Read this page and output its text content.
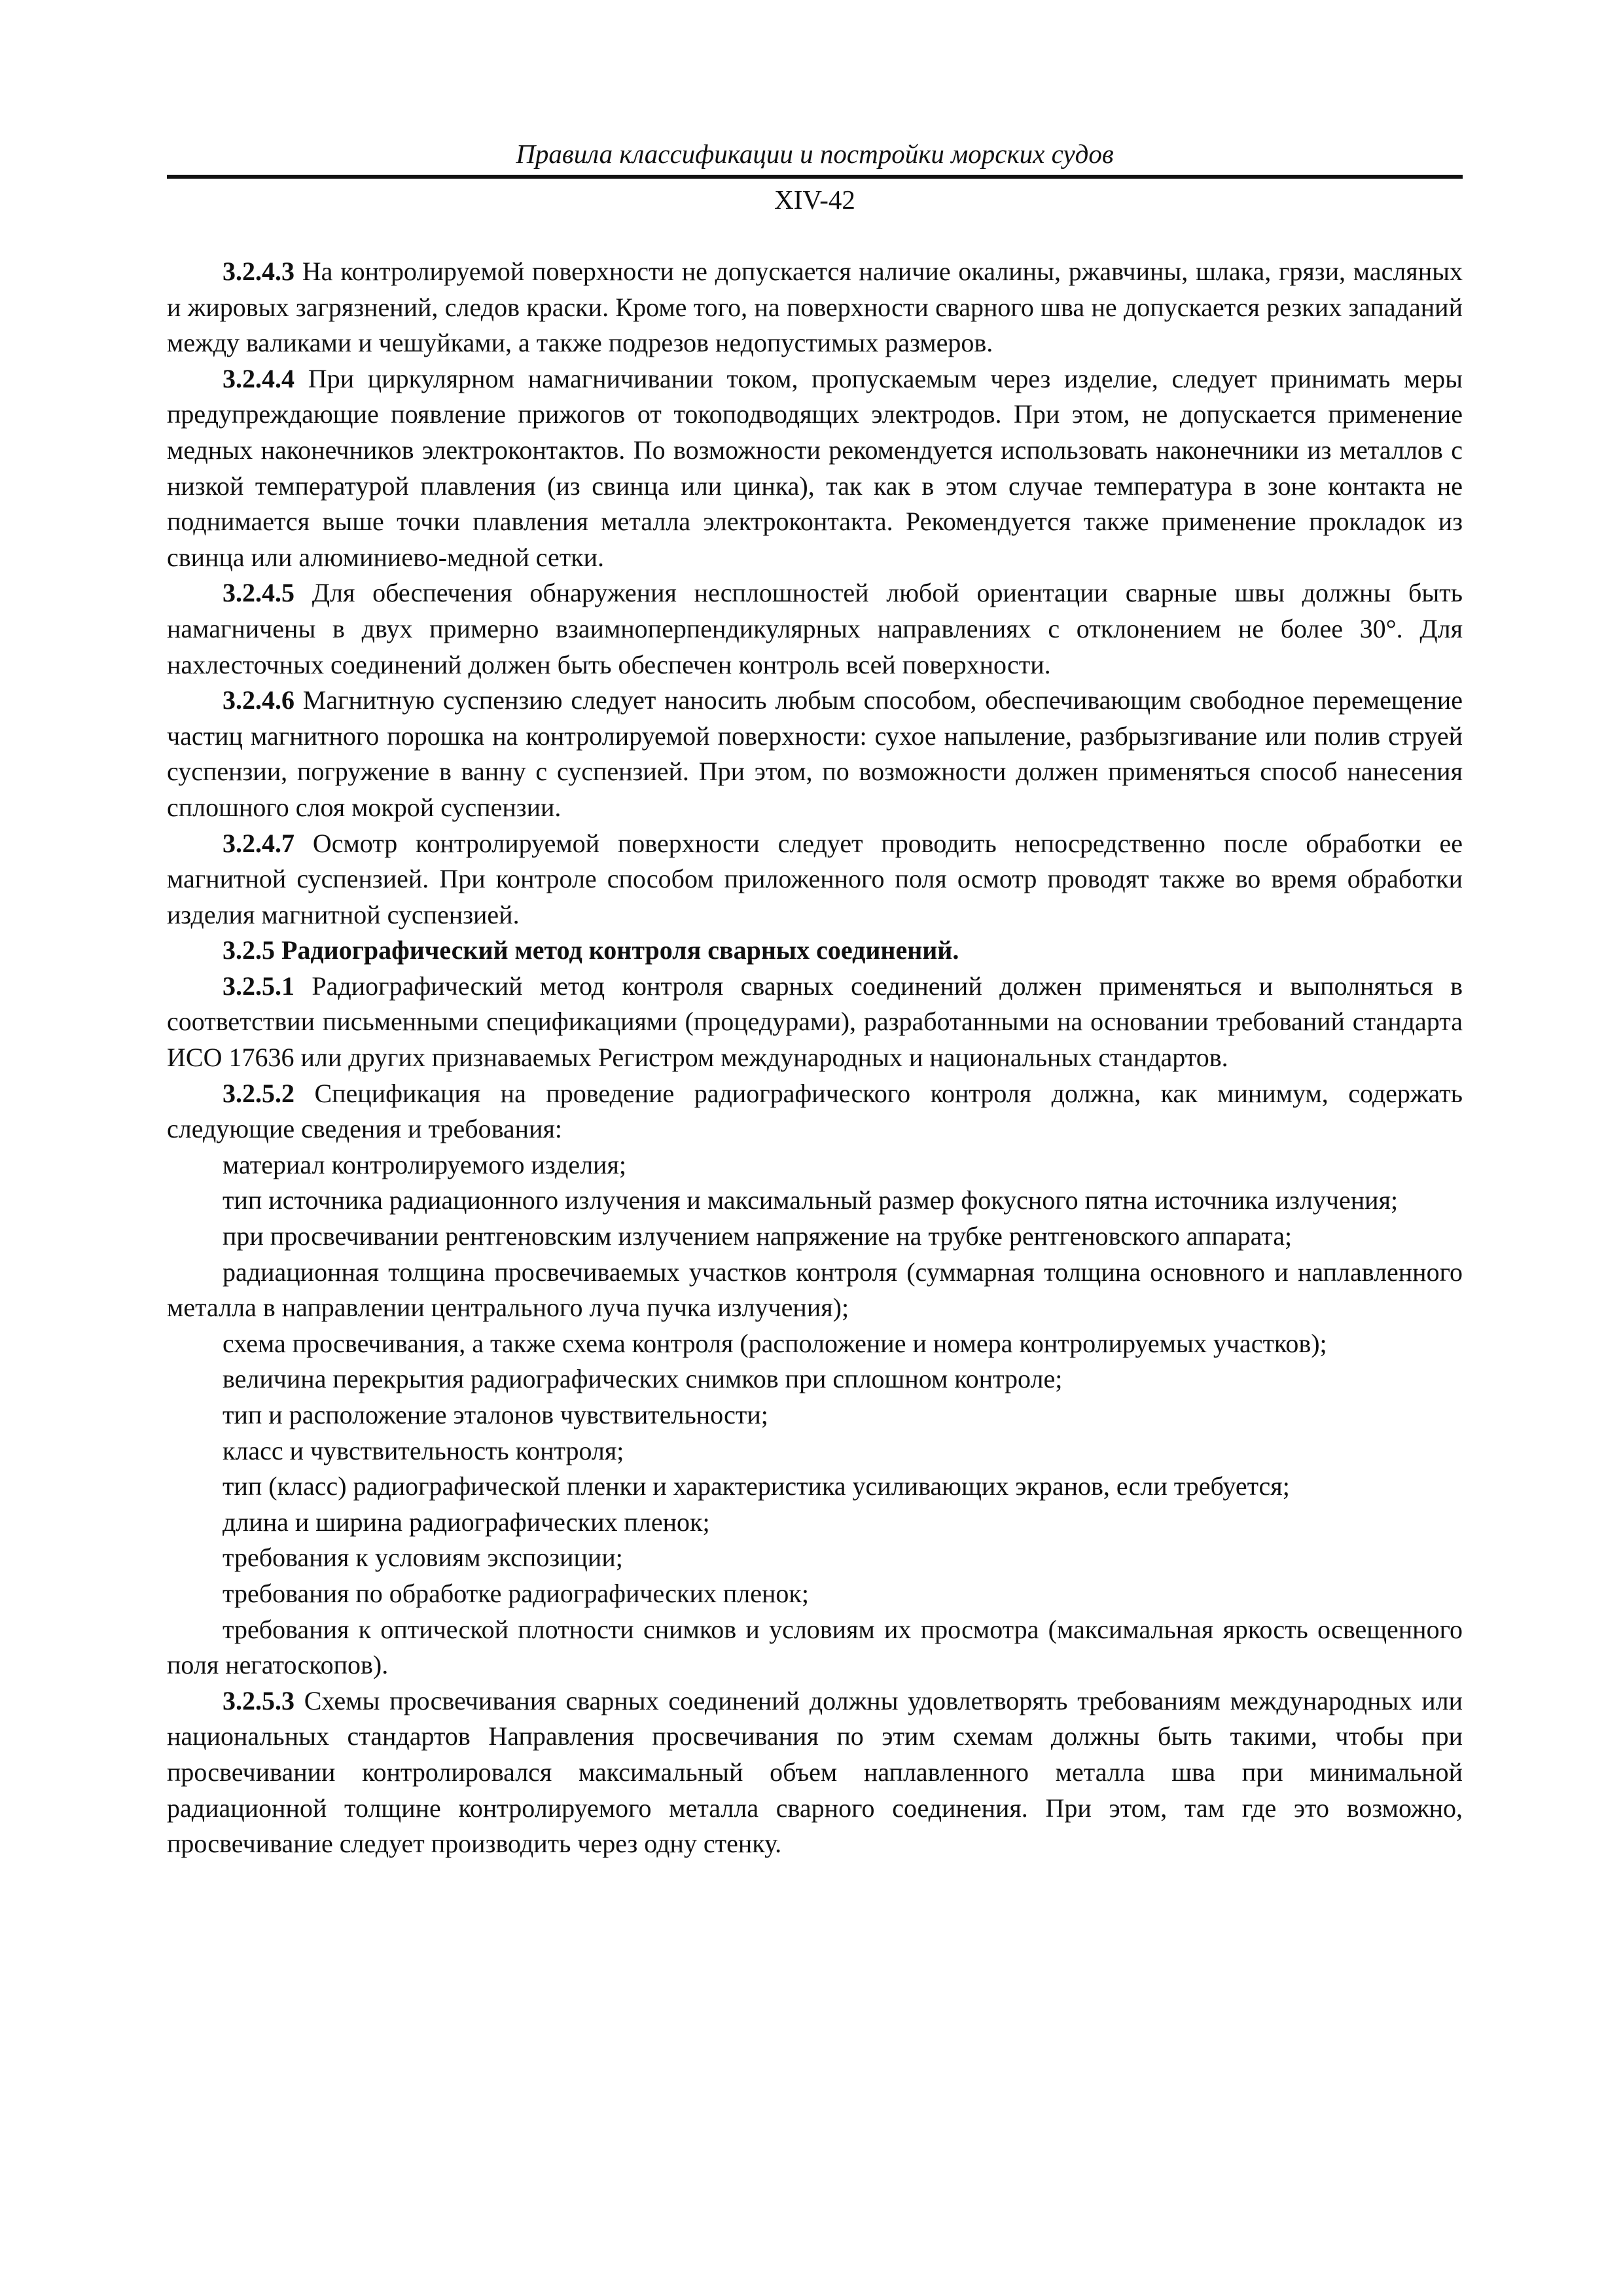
Правила классификации и постройки морских судов
XIV-42

3.2.4.3 На контролируемой поверхности не допускается наличие окалины, ржавчины, шлака, грязи, масляных и жировых загрязнений, следов краски. Кроме того, на поверхности сварного шва не допускается резких западаний между валиками и чешуйками, а также подрезов недопустимых размеров.

3.2.4.4 При циркулярном намагничивании током, пропускаемым через изделие, следует принимать меры предупреждающие появление прижогов от токоподводящих электродов. При этом, не допускается применение медных наконечников электроконтактов. По возможности рекомендуется использовать наконечники из металлов с низкой температурой плавления (из свинца или цинка), так как в этом случае температура в зоне контакта не поднимается выше точки плавления металла электроконтакта. Рекомендуется также применение прокладок из свинца или алюминиево-медной сетки.

3.2.4.5 Для обеспечения обнаружения несплошностей любой ориентации сварные швы должны быть намагничены в двух примерно взаимноперпендикулярных направлениях с отклонением не более 30°. Для нахлесточных соединений должен быть обеспечен контроль всей поверхности.

3.2.4.6 Магнитную суспензию следует наносить любым способом, обеспечивающим свободное перемещение частиц магнитного порошка на контролируемой поверхности: сухое напыление, разбрызгивание или полив струей суспензии, погружение в ванну с суспензией. При этом, по возможности должен применяться способ нанесения сплошного слоя мокрой суспензии.

3.2.4.7 Осмотр контролируемой поверхности следует проводить непосредственно после обработки ее магнитной суспензией. При контроле способом приложенного поля осмотр проводят также во время обработки изделия магнитной суспензией.

3.2.5 Радиографический метод контроля сварных соединений.

3.2.5.1 Радиографический метод контроля сварных соединений должен применяться и выполняться в соответствии письменными спецификациями (процедурами), разработанными на основании требований стандарта ИСО 17636 или других признаваемых Регистром международных и национальных стандартов.

3.2.5.2 Спецификация на проведение радиографического контроля должна, как минимум, содержать следующие сведения и требования:

материал контролируемого изделия;

тип источника радиационного излучения и максимальный размер фокусного пятна источника излучения;

при просвечивании рентгеновским излучением напряжение на трубке рентгеновского аппарата;

радиационная толщина просвечиваемых участков контроля (суммарная толщина основного и наплавленного металла в направлении центрального луча пучка излучения);

схема просвечивания, а также схема контроля (расположение и номера контролируемых участков);

величина перекрытия радиографических снимков при сплошном контроле;

тип и расположение эталонов чувствительности;

класс и чувствительность контроля;

тип (класс) радиографической пленки и характеристика усиливающих экранов, если требуется;

длина и ширина радиографических пленок;

требования к условиям экспозиции;

требования по обработке радиографических пленок;

требования к оптической плотности снимков и условиям их просмотра (максимальная яркость освещенного поля негатоскопов).

3.2.5.3 Схемы просвечивания сварных соединений должны удовлетворять требованиям международных или национальных стандартов Направления просвечивания по этим схемам должны быть такими, чтобы при просвечивании контролировался максимальный объем наплавленного металла шва при минимальной радиационной толщине контролируемого металла сварного соединения. При этом, там где это возможно, просвечивание следует производить через одну стенку.
